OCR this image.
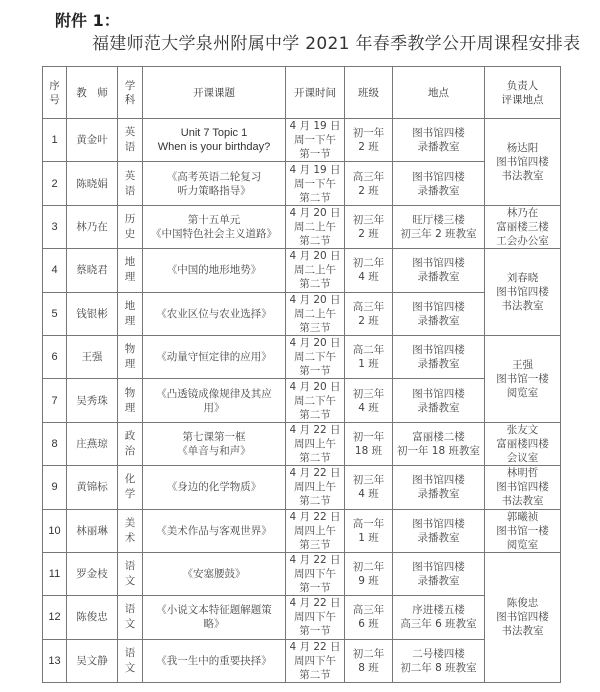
附件 1：
福建师范大学泉州附属中学 2021 年春季教学公开周课程安排表
序
号	教　师	学
科	开课课题	开课时间	班级	地点	负责人
评课地点

1	黄金叶	英
语	Unit 7 Topic 1
When is your birthday?	4 月 19 日
周一下午
第一节	初一年
2 班	图书馆四楼
录播教室	杨达阳
图书馆四楼
书法教室

2	陈晓娟	英
语	《高考英语二轮复习
听力策略指导》	4 月 19 日
周一下午
第二节	高三年
2 班	图书馆四楼
录播教室	

3	林乃在	历
史	第十五单元
《中国特色社会主义道路》	4 月 20 日
周二上午
第二节	初三年
2 班	旺厅楼三楼
初三年 2 班教室	林乃在
富丽楼三楼
工会办公室

4	蔡晓君	地
理	《中国的地形地势》	4 月 20 日
周二上午
第二节	初二年
4 班	图书馆四楼
录播教室	刘春晓
图书馆四楼
书法教室

5	钱银彬	地
理	《农业区位与农业选择》	4 月 20 日
周二上午
第三节	高三年
2 班	图书馆四楼
录播教室	

6	王强	物
理	《动量守恒定律的应用》	4 月 20 日
周二下午
第一节	高二年
1 班	图书馆四楼
录播教室	王强
图书馆一楼
阅览室

7	吴秀珠	物
理	《凸透镜成像规律及其应
用》	4 月 20 日
周二下午
第二节	初三年
4 班	图书馆四楼
录播教室	

8	庄燕琼	政
治	第七课第一框
《单音与和声》	4 月 22 日
周四上午
第二节	初一年
18 班	富丽楼二楼
初一年 18 班教室	张友文
富丽楼四楼
会议室

9	黄锦标	化
学	《身边的化学物质》	4 月 22 日
周四上午
第二节	初三年
4 班	图书馆四楼
录播教室	林明哲
图书馆四楼
书法教室

10	林丽琳	美
术	《美术作品与客观世界》	4 月 22 日
周四上午
第三节	高一年
1 班	图书馆四楼
录播教室	郭曦祯
图书馆一楼
阅览室

11	罗金枝	语
文	《安塞腰鼓》	4 月 22 日
周四下午
第一节	初二年
9 班	图书馆四楼
录播教室	陈俊忠
图书馆四楼
书法教室

12	陈俊忠	语
文	《小说文本特征题解题策
略》	4 月 22 日
周四下午
第一节	高三年
6 班	序进楼五楼
高三年 6 班教室	

13	吴文静	语
文	《我一生中的重要抉择》	4 月 22 日
周四下午
第二节	初二年
8 班	二号楼四楼
初二年 8 班教室	
